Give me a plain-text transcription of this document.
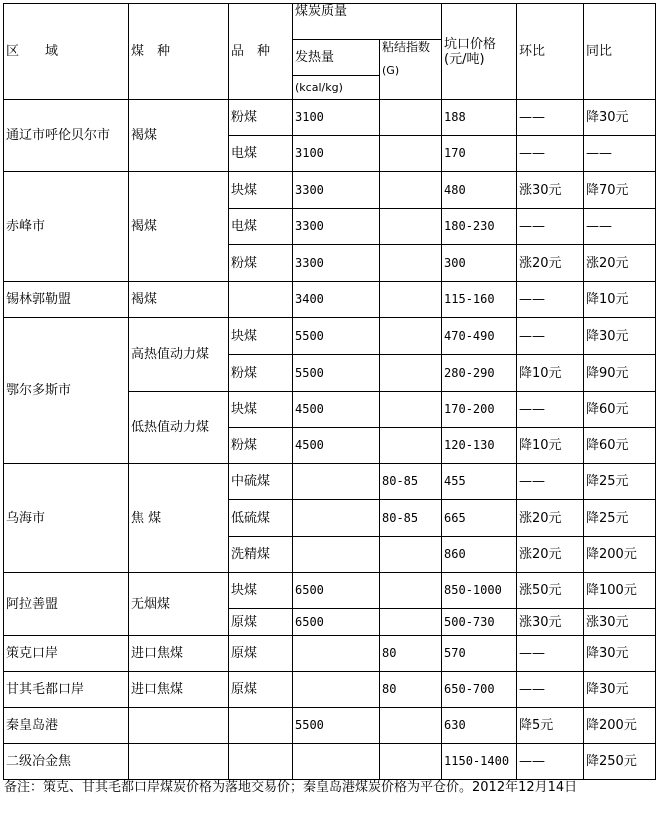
区　　域	煤　种	品　种	煤炭质量		坑口价格(元/吨)	环比	同比
			发热量	粘结指数
(G)			

			(kcal/kg)				
通辽市呼伦贝尔市	褐煤	粉煤	3100		188	——	降30元
		电煤	3100		170	——	——
赤峰市	褐煤	块煤	3300		480	涨30元	降70元
		电煤	3300		180-230	——	——
		粉煤	3300		300	涨20元	涨20元
锡林郭勒盟	褐煤		3400		115-160	——	降10元
鄂尔多斯市	高热值动力煤	块煤	5500		470-490	——	降30元
		粉煤	5500		280-290	降10元	降90元
	低热值动力煤	块煤	4500		170-200	——	降60元
		粉煤	4500		120-130	降10元	降60元
乌海市	焦 煤	中硫煤		80-85	455	——	降25元
		低硫煤		80-85	665	涨20元	降25元
		洗精煤			860	涨20元	降200元
阿拉善盟	无烟煤	块煤	6500		850-1000	涨50元	降100元
		原煤	6500		500-730	涨30元	涨30元
策克口岸	进口焦煤	原煤		80	570	——	降30元
甘其毛都口岸	进口焦煤	原煤		80	650-700	——	降30元
秦皇岛港			5500		630	降5元	降200元
二级冶金焦					1150-1400	——	降250元
备注：策克、甘其毛都口岸煤炭价格为落地交易价；秦皇岛港煤炭价格为平仓价。2012年12月14日
